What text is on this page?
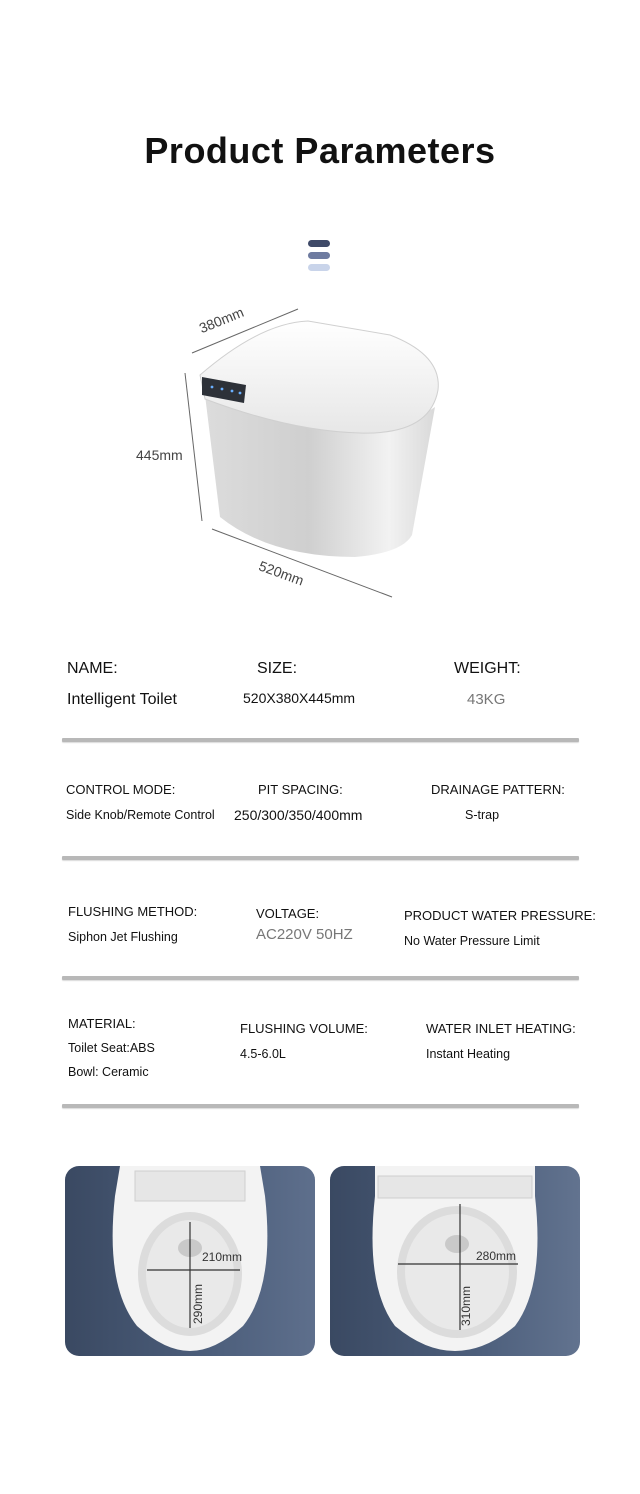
Product Parameters
380mm
445mm
520mm
NAME:
Intelligent Toilet
SIZE:
520X380X445mm
WEIGHT:
43KG
CONTROL MODE:
Side Knob/Remote Control
PIT SPACING:
250/300/350/400mm
DRAINAGE PATTERN:
S-trap
FLUSHING METHOD:
Siphon Jet Flushing
VOLTAGE:
AC220V 50HZ
PRODUCT WATER PRESSURE:
No Water Pressure Limit
MATERIAL:
Toilet Seat:ABS
Bowl: Ceramic
FLUSHING VOLUME:
4.5-6.0L
WATER INLET HEATING:
Instant Heating
210mm
290mm
280mm
310mm
